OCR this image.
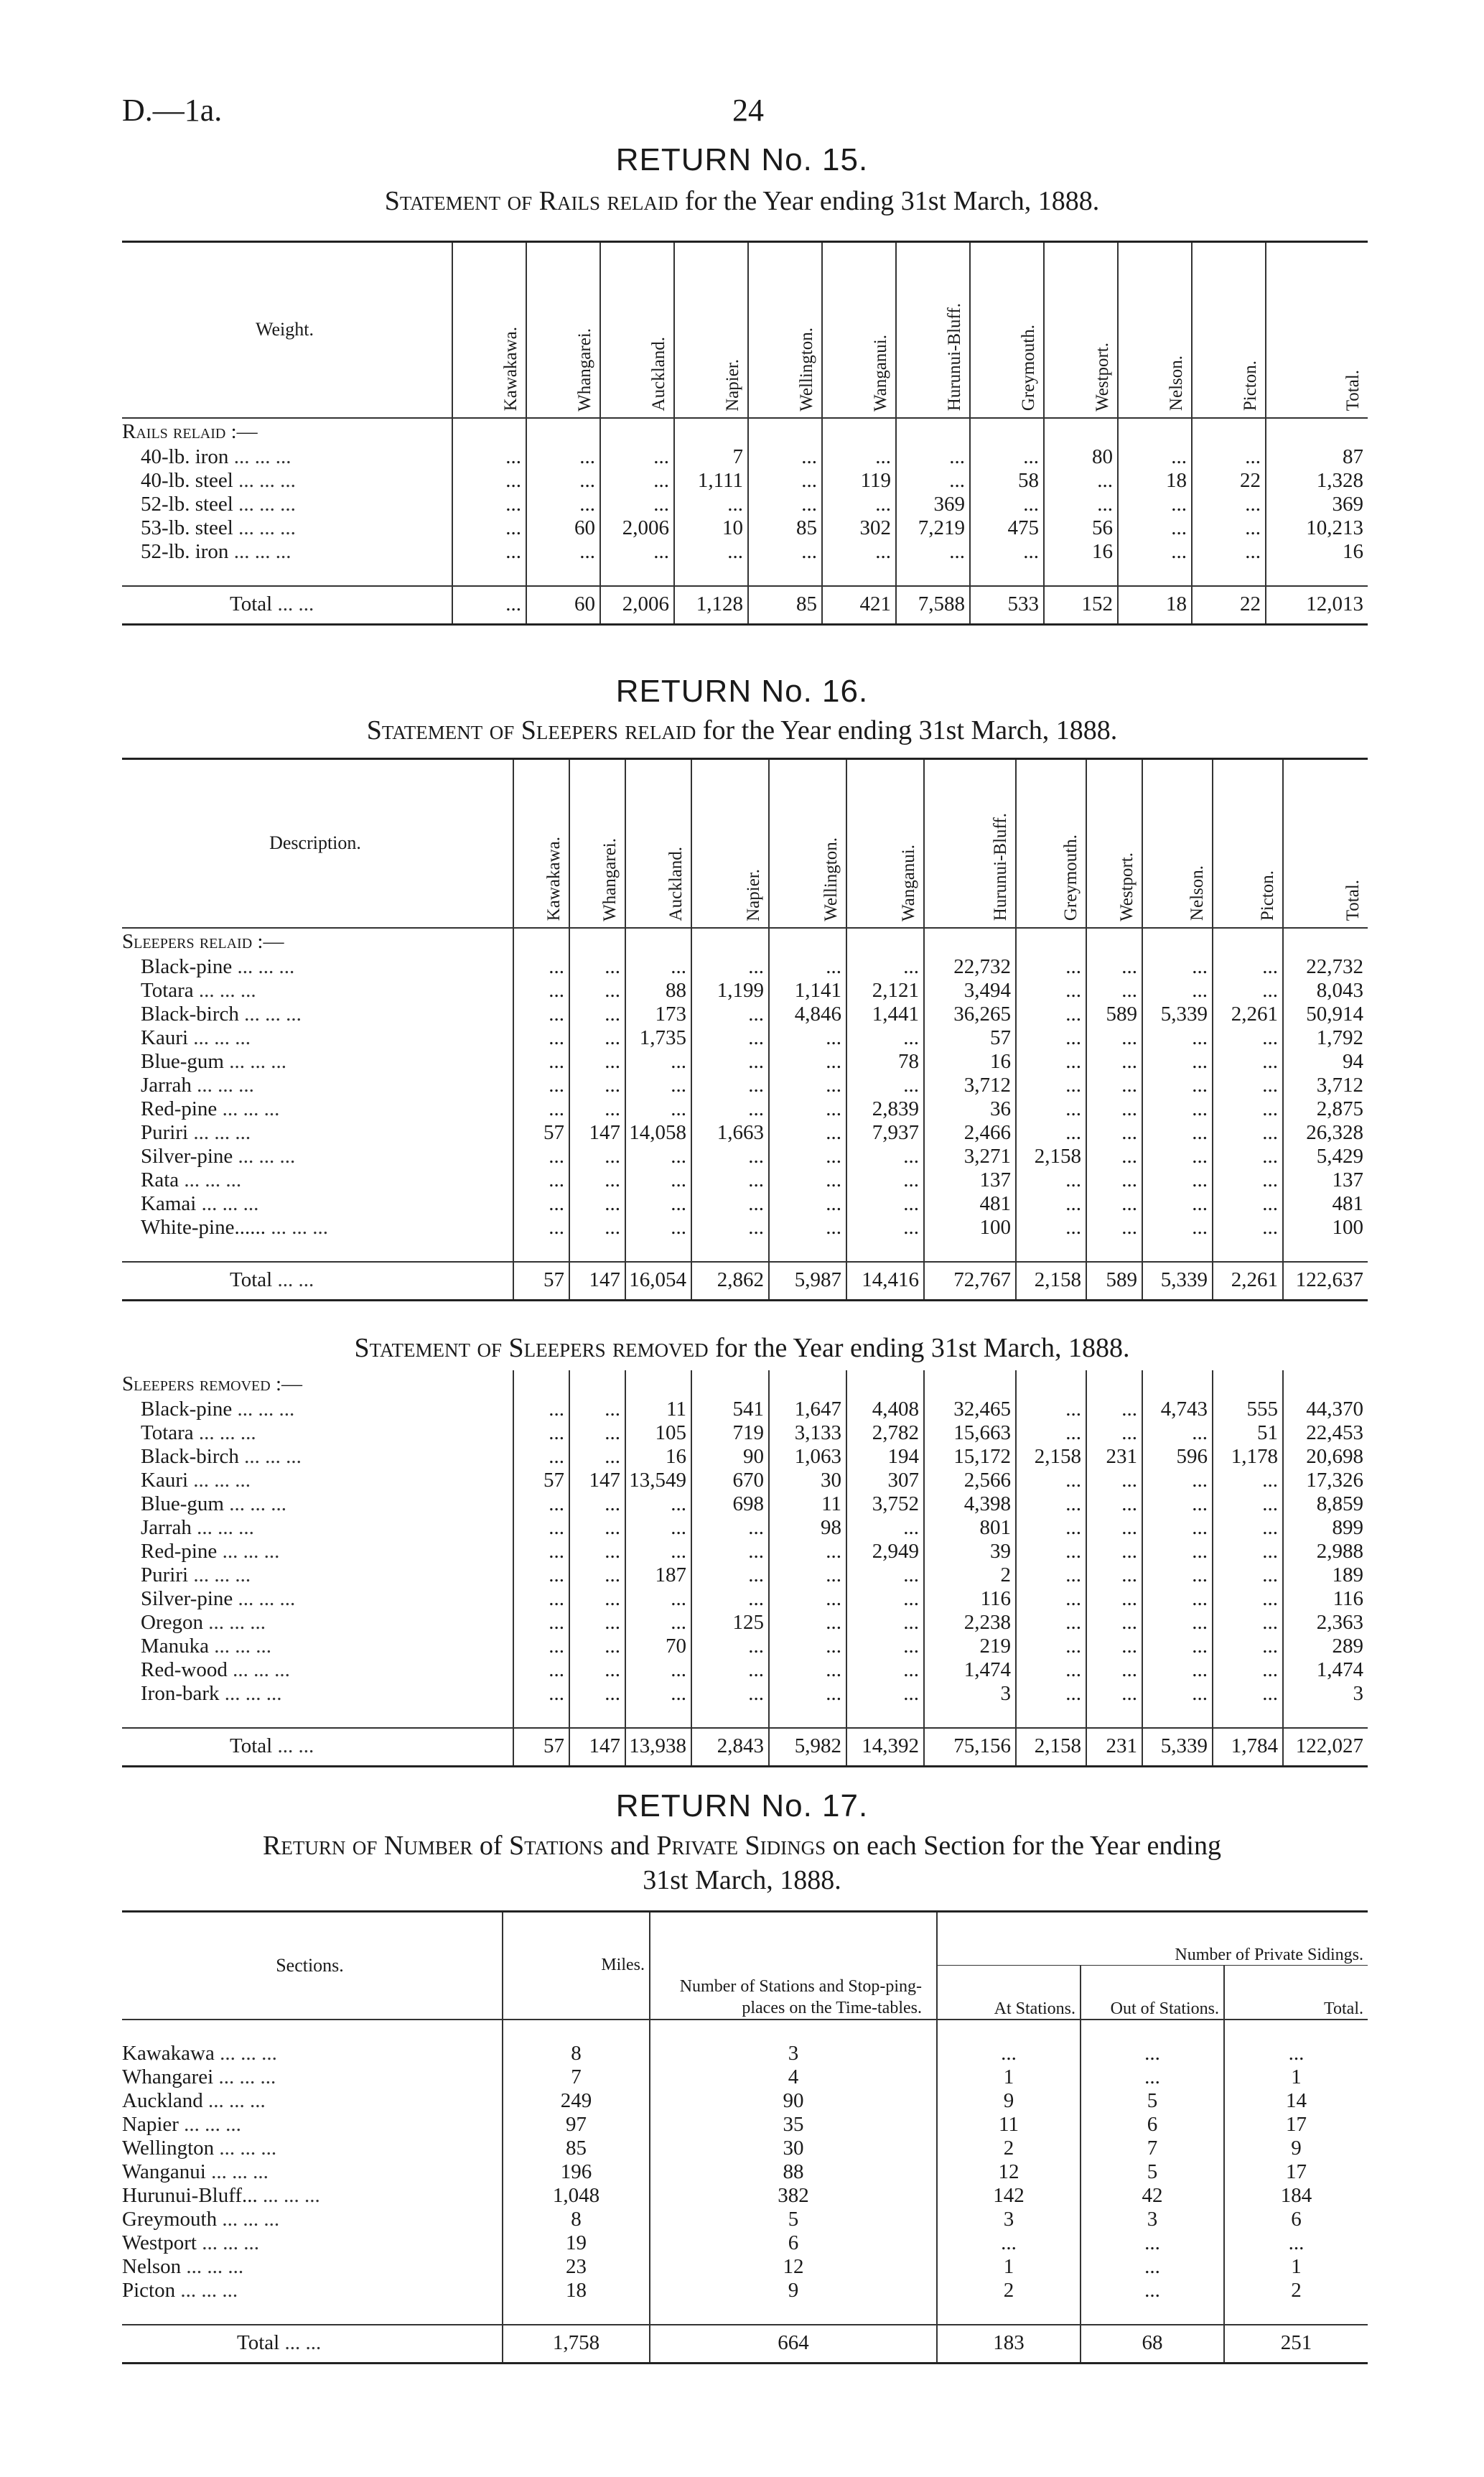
D.—1a.	24
RETURN No. 15.
Statement of Rails relaid for the Year ending 31st March, 1888.
Weight.	Kawakawa.	Whangarei.	Auckland.	Napier.	Wellington.	Wanganui.	Hurunui-Bluff.	Greymouth.	Westport.	Nelson.	Picton.	Total.
Rails relaid :—												
40-lb. iron ... ... ...	...	...	...	7	...	...	...	...	80	...	...	87
40-lb. steel ... ... ...	...	...	...	1,111	...	119	...	58	...	18	22	1,328
52-lb. steel ... ... ...	...	...	...	...	...	...	369	...	...	...	...	369
53-lb. steel ... ... ...	...	60	2,006	10	85	302	7,219	475	56	...	...	10,213
52-lb. iron ... ... ...	...	...	...	...	...	...	...	...	16	...	...	16

Total ... ...	...	60	2,006	1,128	85	421	7,588	533	152	18	22	12,013
RETURN No. 16.
Statement of Sleepers relaid for the Year ending 31st March, 1888.
Description.	Kawakawa.	Whangarei.	Auckland.	Napier.	Wellington.	Wanganui.	Hurunui-Bluff.	Greymouth.	Westport.	Nelson.	Picton.	Total.
Sleepers relaid :—												
Black-pine ... ... ...	...	...	...	...	...	...	22,732	...	...	...	...	22,732
Totara ... ... ...	...	...	88	1,199	1,141	2,121	3,494	...	...	...	...	8,043
Black-birch ... ... ...	...	...	173	...	4,846	1,441	36,265	...	589	5,339	2,261	50,914
Kauri ... ... ...	...	...	1,735	...	...	...	57	...	...	...	...	1,792
Blue-gum ... ... ...	...	...	...	...	...	78	16	...	...	...	...	94
Jarrah ... ... ...	...	...	...	...	...	...	3,712	...	...	...	...	3,712
Red-pine ... ... ...	...	...	...	...	...	2,839	36	...	...	...	...	2,875
Puriri ... ... ...	57	147	14,058	1,663	...	7,937	2,466	...	...	...	...	26,328
Silver-pine ... ... ...	...	...	...	...	...	...	3,271	2,158	...	...	...	5,429
Rata ... ... ...	...	...	...	...	...	...	137	...	...	...	...	137
Kamai ... ... ...	...	...	...	...	...	...	481	...	...	...	...	481
White-pine...... ... ... ...	...	...	...	...	...	...	100	...	...	...	...	100

Total ... ...	57	147	16,054	2,862	5,987	14,416	72,767	2,158	589	5,339	2,261	122,637
Statement of Sleepers removed for the Year ending 31st March, 1888.
Sleepers removed :—												
Black-pine ... ... ...	...	...	11	541	1,647	4,408	32,465	...	...	4,743	555	44,370
Totara ... ... ...	...	...	105	719	3,133	2,782	15,663	...	...	...	51	22,453
Black-birch ... ... ...	...	...	16	90	1,063	194	15,172	2,158	231	596	1,178	20,698
Kauri ... ... ...	57	147	13,549	670	30	307	2,566	...	...	...	...	17,326
Blue-gum ... ... ...	...	...	...	698	11	3,752	4,398	...	...	...	...	8,859
Jarrah ... ... ...	...	...	...	...	98	...	801	...	...	...	...	899
Red-pine ... ... ...	...	...	...	...	...	2,949	39	...	...	...	...	2,988
Puriri ... ... ...	...	...	187	...	...	...	2	...	...	...	...	189
Silver-pine ... ... ...	...	...	...	...	...	...	116	...	...	...	...	116
Oregon ... ... ...	...	...	...	125	...	...	2,238	...	...	...	...	2,363
Manuka ... ... ...	...	...	70	...	...	...	219	...	...	...	...	289
Red-wood ... ... ...	...	...	...	...	...	...	1,474	...	...	...	...	1,474
Iron-bark ... ... ...	...	...	...	...	...	...	3	...	...	...	...	3

Total ... ...	57	147	13,938	2,843	5,982	14,392	75,156	2,158	231	5,339	1,784	122,027
RETURN No. 17.
Return of Number of Stations and Private Sidings on each Section for the Year ending
31st March, 1888.
Sections.	Miles.	Number of Stations and Stop-ping-places on the Time-tables.	Number of Private Sidings.		
			At Stations.	Out of Stations.	Total.

Kawakawa ... ... ...	8	3	...	...	...
Whangarei ... ... ...	7	4	1	...	1
Auckland ... ... ...	249	90	9	5	14
Napier ... ... ...	97	35	11	6	17
Wellington ... ... ...	85	30	2	7	9
Wanganui ... ... ...	196	88	12	5	17
Hurunui-Bluff... ... ... ...	1,048	382	142	42	184
Greymouth ... ... ...	8	5	3	3	6
Westport ... ... ...	19	6	...	...	...
Nelson ... ... ...	23	12	1	...	1
Picton ... ... ...	18	9	2	...	2

Total ... ...	1,758	664	183	68	251
